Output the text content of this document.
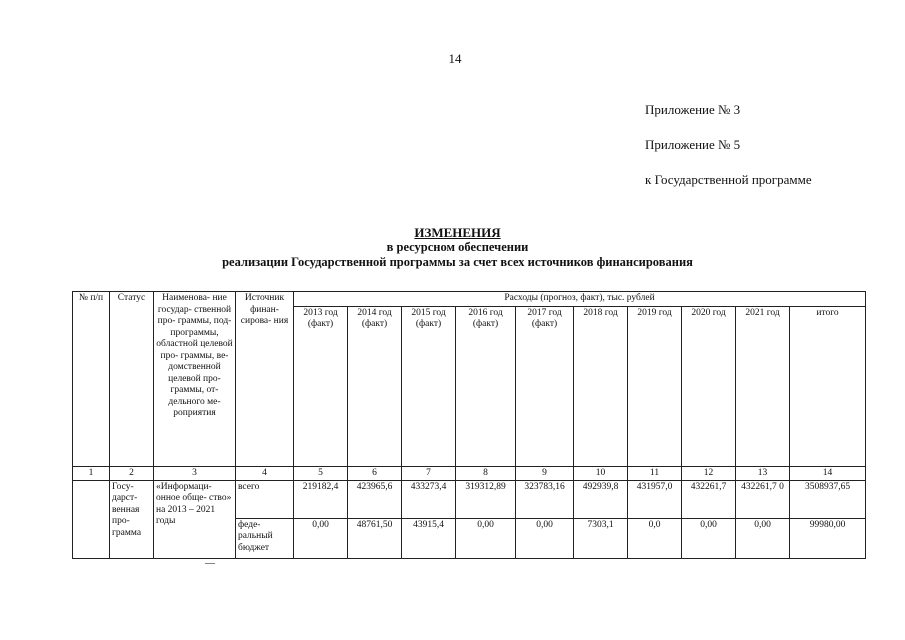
14
Приложение № 3
Приложение № 5
к Государственной программе
ИЗМЕНЕНИЯ
в ресурсном обеспечении
реализации Государственной программы за счет всех источников финансирования
№ п/п	Статус	Наименова- ние государ- ственной про- граммы, под- программы, областной целевой про- граммы, ве- домственной целевой про- граммы, от- дельного ме- роприятия	Источник финан- сирова- ния	Расходы (прогноз, факт), тыс. рублей									
				2013 год (факт)	2014 год (факт)	2015 год (факт)	2016 год (факт)	2017 год (факт)	2018 год	2019 год	2020 год	2021 год	итого
1	2	3	4	5	6	7	8	9	10	11	12	13	14
	Госу- дарст- венная про- грамма	«Информаци- онное обще- ство» на 2013 – 2021 годы	всего	219182,4	423965,6	433273,4	319312,89	323783,16	492939,8	431957,0	432261,7	432261,7 0	3508937,65
			феде- ральный бюджет	0,00	48761,50	43915,4	0,00	0,00	7303,1	0,0	0,00	0,00	99980,00
—
